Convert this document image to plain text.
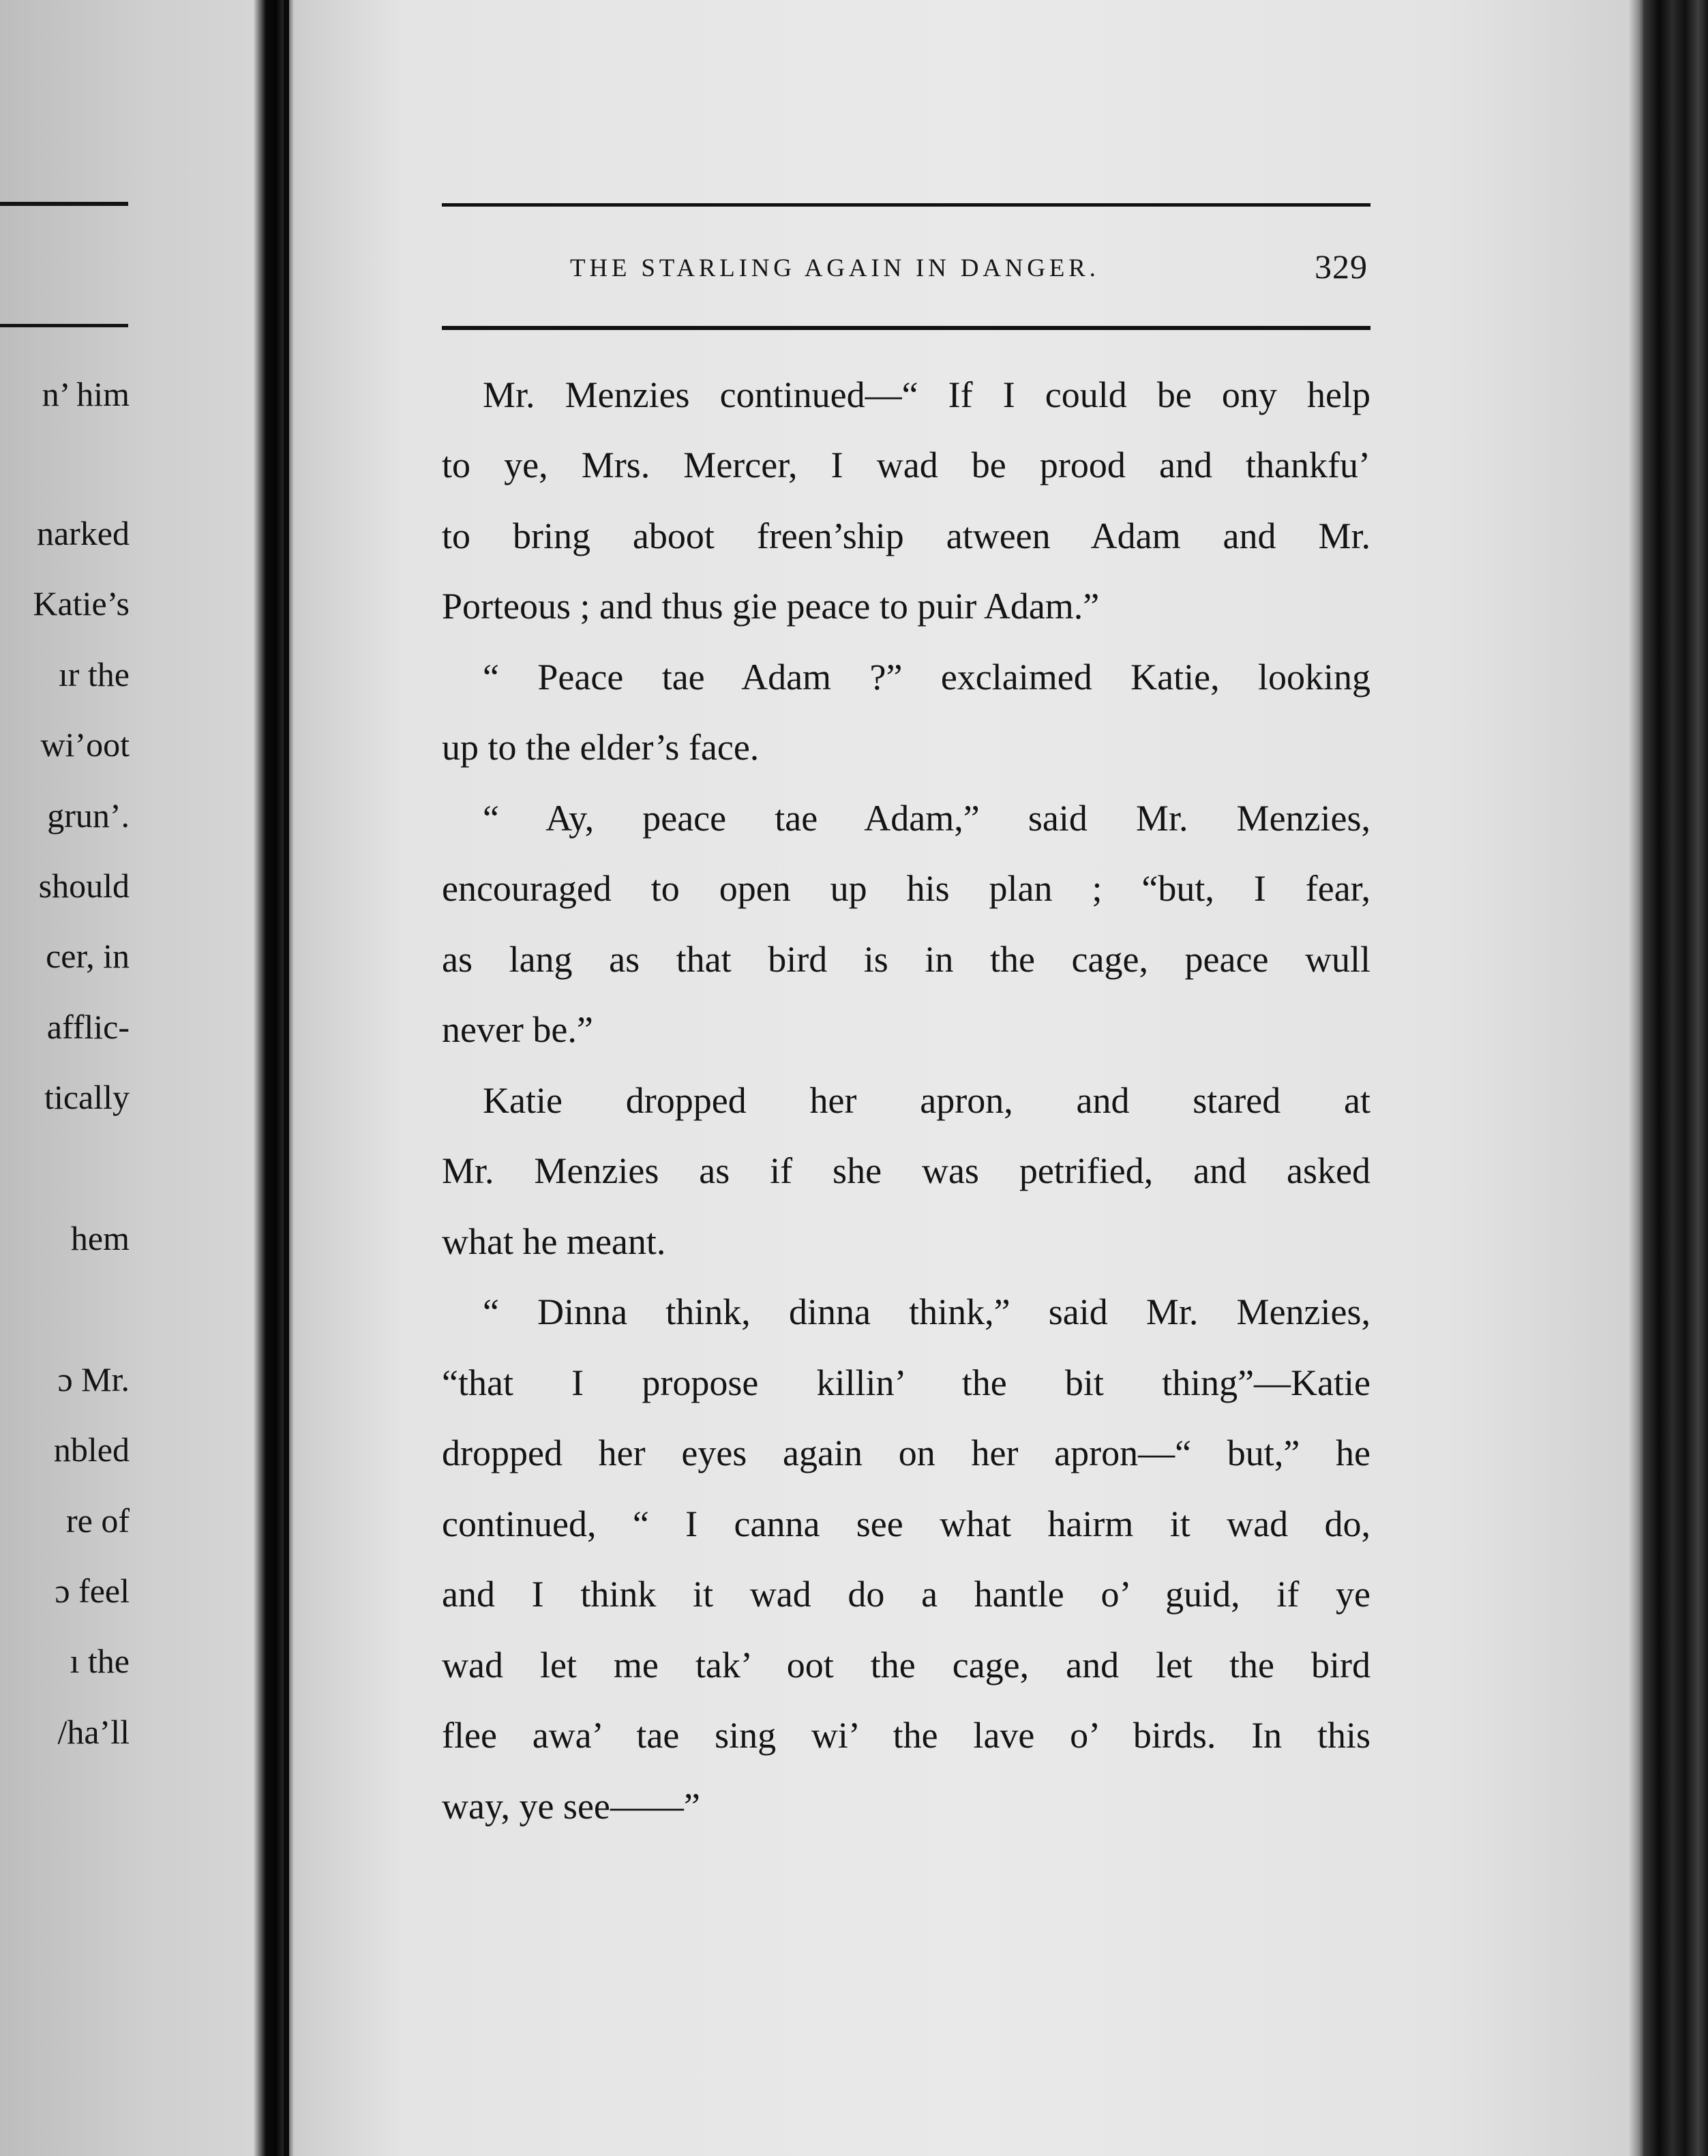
n’ him
narked
Katie’s
ır the
wi’oot
grun’.
should
cer, in
afflic-
tically
hem
ɔ Mr.
nbled
re of
ɔ feel
ı the
/ha’ll
THE STARLING AGAIN IN DANGER.	329
Mr. Menzies continued—“ If I could be ony help
to ye, Mrs. Mercer, I wad be prood and thankfu’
to bring aboot freen’ship atween Adam and Mr.
Porteous ; and thus gie peace to puir Adam.”
“ Peace tae Adam ?” exclaimed Katie, looking
up to the elder’s face.
“ Ay, peace tae Adam,” said Mr. Menzies,
encouraged to open up his plan ; “but, I fear,
as lang as that bird is in the cage, peace wull
never be.”
Katie dropped her apron, and stared at
Mr. Menzies as if she was petrified, and asked
what he meant.
“ Dinna think, dinna think,” said Mr. Menzies,
“that I propose killin’ the bit thing”—Katie
dropped her eyes again on her apron—“ but,” he
continued, “ I canna see what hairm it wad do,
and I think it wad do a hantle o’ guid, if ye
wad let me tak’ oot the cage, and let the bird
flee awa’ tae sing wi’ the lave o’ birds. In this
way, ye see——”
